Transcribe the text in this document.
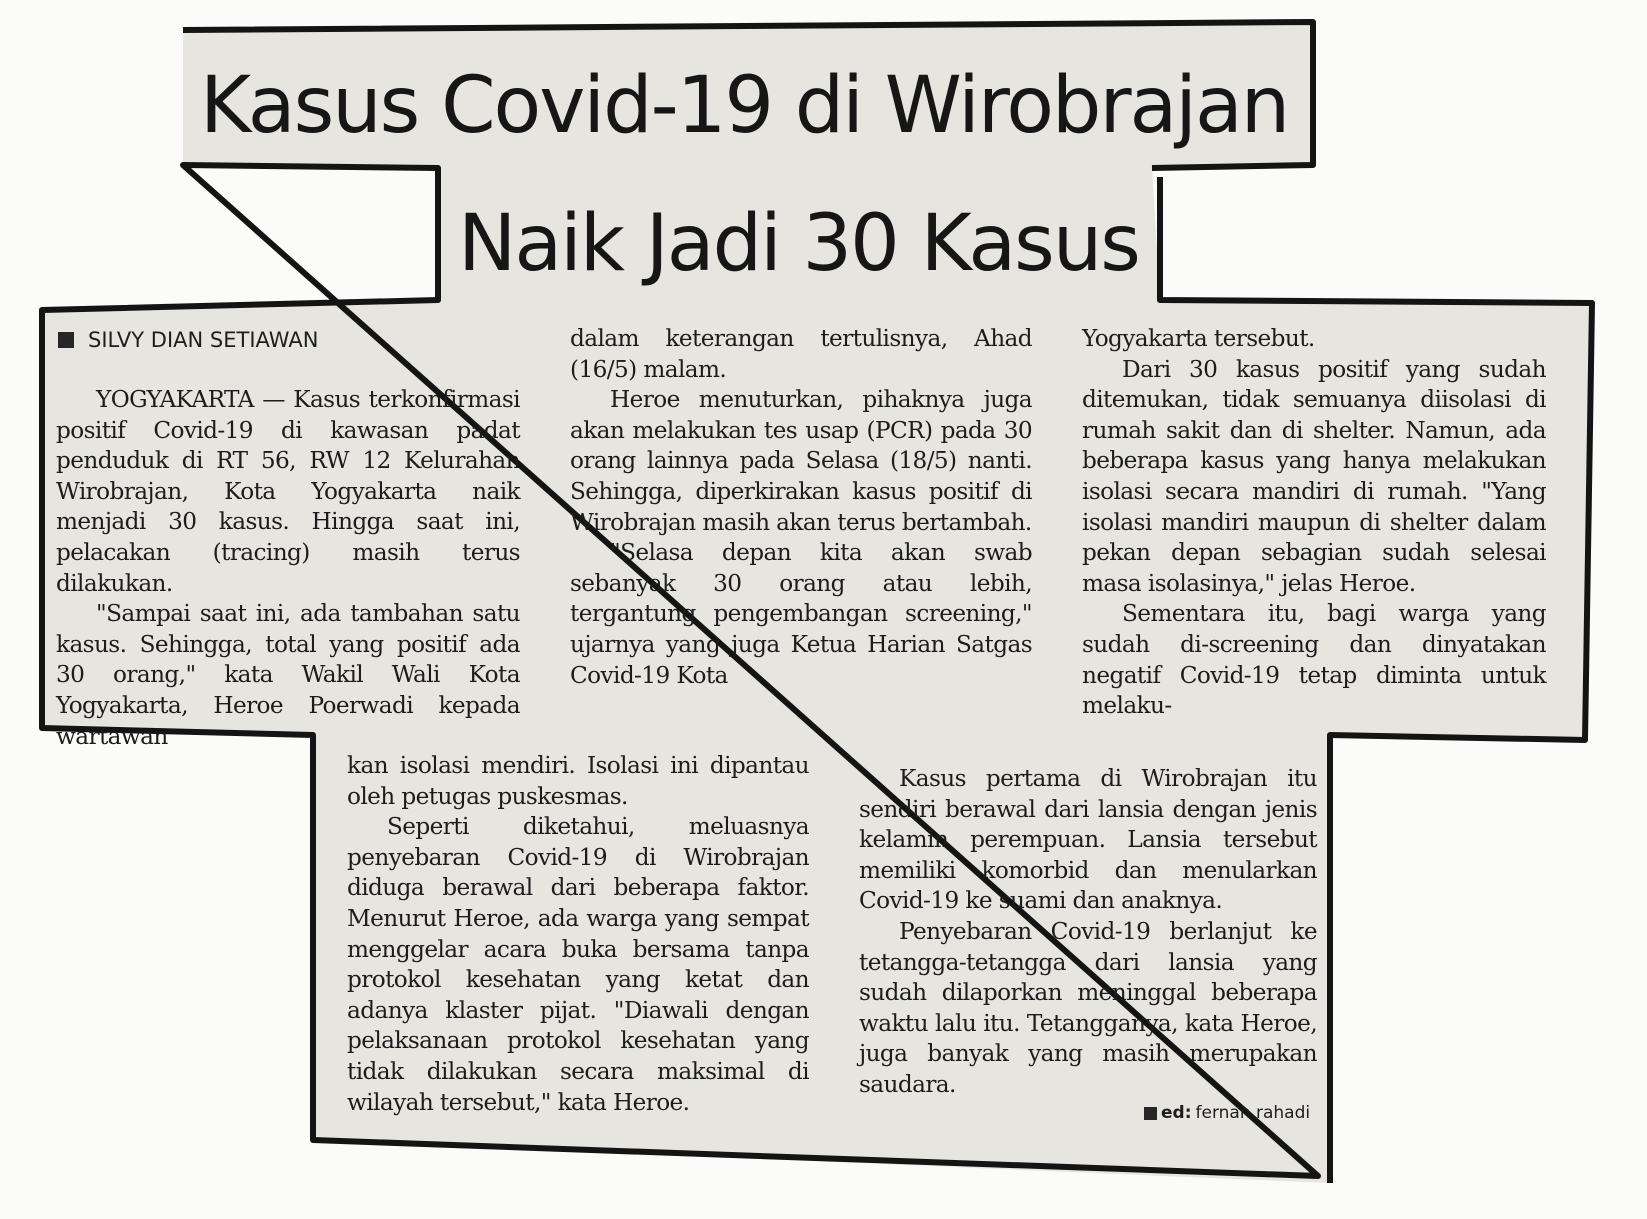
Kasus Covid-19 di Wirobrajan
Naik Jadi 30 Kasus
SILVY DIAN SETIAWAN

YOGYAKARTA — Kasus terkonfirmasi positif Covid-19 di kawasan padat penduduk di RT 56, RW 12 Kelurahan Wirobrajan, Kota Yogyakarta naik menjadi 30 kasus. Hingga saat ini, pelacakan (tracing) masih terus dilakukan.

"Sampai saat ini, ada tambahan satu kasus. Sehingga, total yang positif ada 30 orang," kata Wakil Wali Kota Yogyakarta, Heroe Poerwadi kepada wartawan

dalam keterangan tertulisnya, Ahad (16/5) malam.

Heroe menuturkan, pihaknya juga akan melakukan tes usap (PCR) pada 30 orang lainnya pada Selasa (18/5) nanti. Sehingga, diperkirakan kasus positif di Wirobrajan masih akan terus bertambah.

"Selasa depan kita akan swab sebanyak 30 orang atau lebih, tergantung pengembangan screening," ujarnya yang juga Ketua Harian Satgas Covid-19 Kota

Yogyakarta tersebut.

Dari 30 kasus positif yang sudah ditemukan, tidak semuanya diisolasi di rumah sakit dan di shelter. Namun, ada beberapa kasus yang hanya melakukan isolasi secara mandiri di rumah. "Yang isolasi mandiri maupun di shelter dalam pekan depan sebagian sudah selesai masa isolasinya," jelas Heroe.

Sementara itu, bagi warga yang sudah di-screening dan dinyatakan negatif Covid-19 tetap diminta untuk melaku-

kan isolasi mendiri. Isolasi ini dipantau oleh petugas puskesmas.

Seperti diketahui, meluasnya penyebaran Covid-19 di Wirobrajan diduga berawal dari beberapa faktor. Menurut Heroe, ada warga yang sempat menggelar acara buka bersama tanpa protokol kesehatan yang ketat dan adanya klaster pijat. "Diawali dengan pelaksanaan protokol kesehatan yang tidak dilakukan secara maksimal di wilayah tersebut," kata Heroe.

Kasus pertama di Wirobrajan itu sendiri berawal dari lansia dengan jenis kelamin perempuan. Lansia tersebut memiliki komorbid dan menularkan Covid-19 ke suami dan anaknya.

Penyebaran Covid-19 berlanjut ke tetangga-tetangga dari lansia yang sudah dilaporkan meninggal beberapa waktu lalu itu. Tetangganya, kata Heroe, juga banyak yang masih merupakan saudara.

ed: fernan rahadi
